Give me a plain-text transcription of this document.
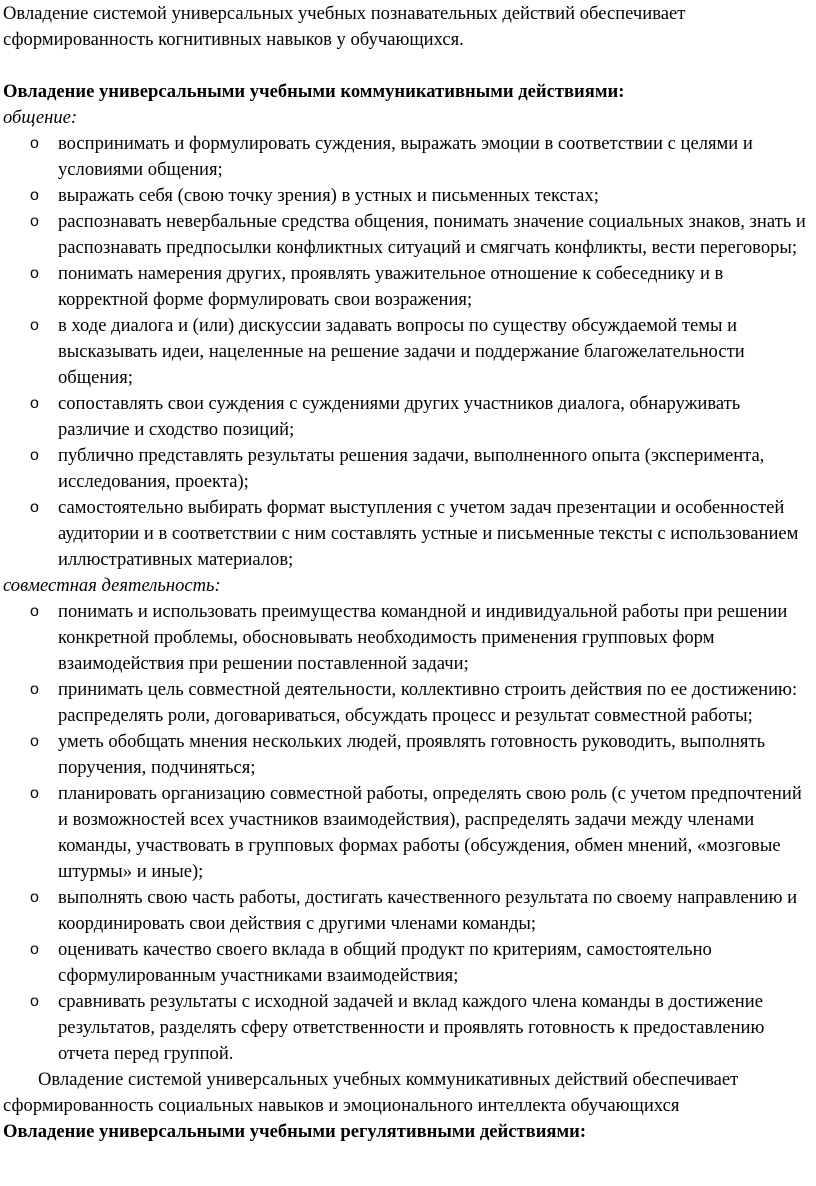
Овладение системой универсальных учебных познавательных действий обеспечивает сформированность когнитивных навыков у обучающихся.

Овладение универсальными учебными коммуникативными действиями:

общение:

o воспринимать и формулировать суждения, выражать эмоции в соответствии с целями и условиями общения;
o выражать себя (свою точку зрения) в устных и письменных текстах;
o распознавать невербальные средства общения, понимать значение социальных знаков, знать и распознавать предпосылки конфликтных ситуаций и смягчать конфликты, вести переговоры;
o понимать намерения других, проявлять уважительное отношение к собеседнику и в корректной форме формулировать свои возражения;
o в ходе диалога и (или) дискуссии задавать вопросы по существу обсуждаемой темы и высказывать идеи, нацеленные на решение задачи и поддержание благожелательности общения;
o сопоставлять свои суждения с суждениями других участников диалога, обнаруживать различие и сходство позиций;
o публично представлять результаты решения задачи, выполненного опыта (эксперимента, исследования, проекта);
o самостоятельно выбирать формат выступления с учетом задач презентации и особенностей аудитории и в соответствии с ним составлять устные и письменные тексты с использованием иллюстративных материалов;

совместная деятельность:

o понимать и использовать преимущества командной и индивидуальной работы при решении конкретной проблемы, обосновывать необходимость применения групповых форм взаимодействия при решении поставленной задачи;
o принимать цель совместной деятельности, коллективно строить действия по ее достижению: распределять роли, договариваться, обсуждать процесс и результат совместной работы;
o уметь обобщать мнения нескольких людей, проявлять готовность руководить, выполнять поручения, подчиняться;
o планировать организацию совместной работы, определять свою роль (с учетом предпочтений и возможностей всех участников взаимодействия), распределять задачи между членами команды, участвовать в групповых формах работы (обсуждения, обмен мнений, «мозговые штурмы» и иные);
o выполнять свою часть работы, достигать качественного результата по своему направлению и координировать свои действия с другими членами команды;
o оценивать качество своего вклада в общий продукт по критериям, самостоятельно сформулированным участниками взаимодействия;
o сравнивать результаты с исходной задачей и вклад каждого члена команды в достижение результатов, разделять сферу ответственности и проявлять готовность к предоставлению отчета перед группой.

Овладение системой универсальных учебных коммуникативных действий обеспечивает сформированность социальных навыков и эмоционального интеллекта обучающихся

Овладение универсальными учебными регулятивными действиями:
